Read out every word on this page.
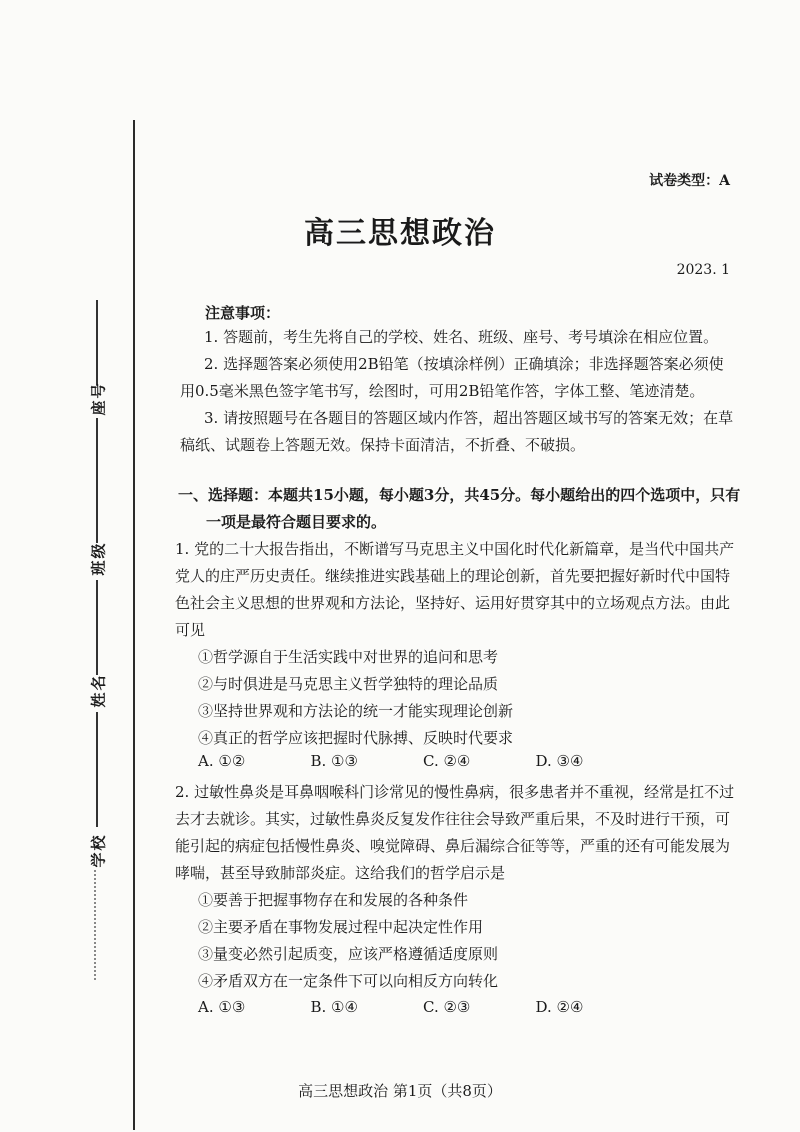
座号
班级
姓名
学校
试卷类型：A
高三思想政治
2023. 1
注意事项：
1. 答题前，考生先将自己的学校、姓名、班级、座号、考号填涂在相应位置。
2. 选择题答案必须使用2B铅笔（按填涂样例）正确填涂；非选择题答案必须使用0.5毫米黑色签字笔书写，绘图时，可用2B铅笔作答，字体工整、笔迹清楚。
3. 请按照题号在各题目的答题区域内作答，超出答题区域书写的答案无效；在草稿纸、试题卷上答题无效。保持卡面清洁，不折叠、不破损。
一、选择题：本题共15小题，每小题3分，共45分。每小题给出的四个选项中，只有
一项是最符合题目要求的。
1. 党的二十大报告指出，不断谱写马克思主义中国化时代化新篇章，是当代中国共产党人的庄严历史责任。继续推进实践基础上的理论创新，首先要把握好新时代中国特色社会主义思想的世界观和方法论，坚持好、运用好贯穿其中的立场观点方法。由此可见
①哲学源自于生活实践中对世界的追问和思考
②与时俱进是马克思主义哲学独特的理论品质
③坚持世界观和方法论的统一才能实现理论创新
④真正的哲学应该把握时代脉搏、反映时代要求
A. ①②	B. ①③	C. ②④	D. ③④
2. 过敏性鼻炎是耳鼻咽喉科门诊常见的慢性鼻病，很多患者并不重视，经常是扛不过去才去就诊。其实，过敏性鼻炎反复发作往往会导致严重后果，不及时进行干预，可能引起的病症包括慢性鼻炎、嗅觉障碍、鼻后漏综合征等等，严重的还有可能发展为哮喘，甚至导致肺部炎症。这给我们的哲学启示是
①要善于把握事物存在和发展的各种条件
②主要矛盾在事物发展过程中起决定性作用
③量变必然引起质变，应该严格遵循适度原则
④矛盾双方在一定条件下可以向相反方向转化
A. ①③	B. ①④	C. ②③	D. ②④
高三思想政治 第1页（共8页）
